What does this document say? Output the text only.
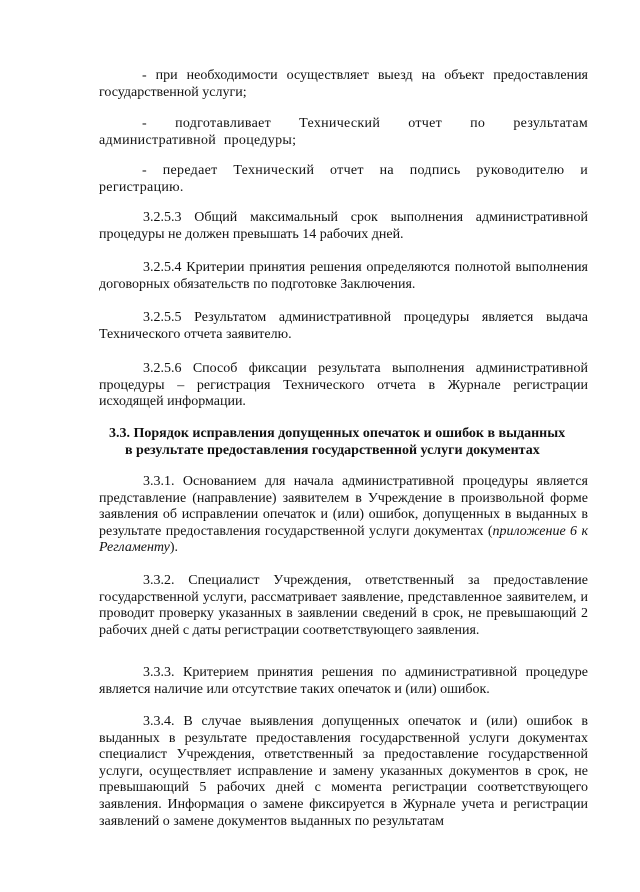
- при необходимости осуществляет выезд на объект предоставления государственной услуги;

- подготавливает Технический отчет по результатам административной процедуры;

- передает Технический отчет на подпись руководителю и регистрацию.

3.2.5.3 Общий максимальный срок выполнения административной процедуры не должен превышать 14 рабочих дней.

3.2.5.4 Критерии принятия решения определяются полнотой выполнения договорных обязательств по подготовке Заключения.

3.2.5.5 Результатом административной процедуры является выдача Технического отчета заявителю.

3.2.5.6 Способ фиксации результата выполнения административной процедуры – регистрация Технического отчета в Журнале регистрации исходящей информации.

3.3. Порядок исправления допущенных опечаток и ошибок в выданных
в результате предоставления государственной услуги документах

3.3.1. Основанием для начала административной процедуры является представление (направление) заявителем в Учреждение в произвольной форме заявления об исправлении опечаток и (или) ошибок, допущенных в выданных в результате предоставления государственной услуги документах (приложение 6 к Регламенту).

3.3.2. Специалист Учреждения, ответственный за предоставление государственной услуги, рассматривает заявление, представленное заявителем, и проводит проверку указанных в заявлении сведений в срок, не превышающий 2 рабочих дней с даты регистрации соответствующего заявления.

3.3.3. Критерием принятия решения по административной процедуре является наличие или отсутствие таких опечаток и (или) ошибок.

3.3.4. В случае выявления допущенных опечаток и (или) ошибок в выданных в результате предоставления государственной услуги документах специалист Учреждения, ответственный за предоставление государственной услуги, осуществляет исправление и замену указанных документов в срок, не превышающий 5 рабочих дней с момента регистрации соответствующего заявления. Информация о замене фиксируется в Журнале учета и регистрации заявлений о замене документов выданных по результатам
